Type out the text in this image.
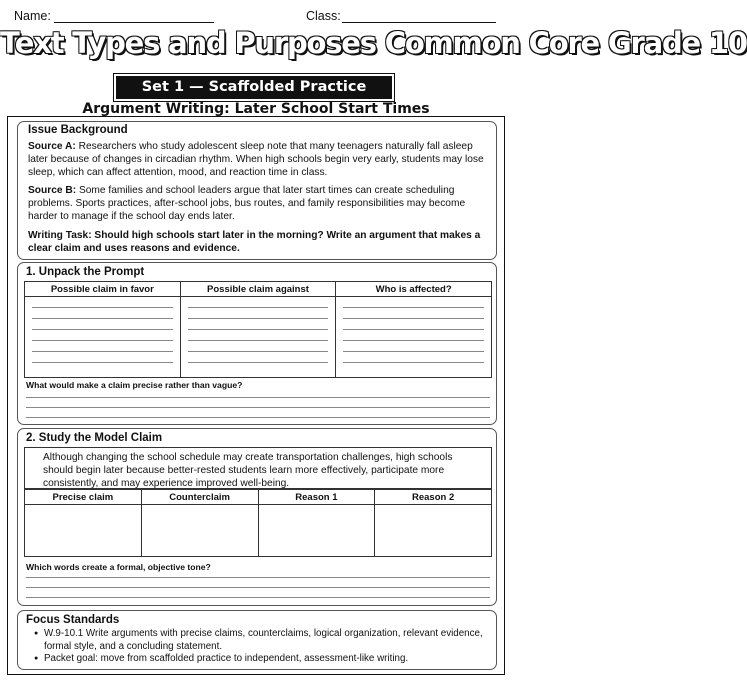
Name:	Class:
Text Types and Purposes Common Core Grade 10
Set 1 — Scaffolded Practice
Argument Writing: Later School Start Times
Issue Background
Source A: Researchers who study adolescent sleep note that many teenagers naturally fall asleep later because of changes in circadian rhythm. When high schools begin very early, students may lose sleep, which can affect attention, mood, and reaction time in class.
Source B: Some families and school leaders argue that later start times can create scheduling problems. Sports practices, after-school jobs, bus routes, and family responsibilities may become harder to manage if the school day ends later.
Writing Task: Should high schools start later in the morning? Write an argument that makes a clear claim and uses reasons and evidence.
1. Unpack the Prompt
Possible claim in favor	Possible claim against	Who is affected?

What would make a claim precise rather than vague?
2. Study the Model Claim
Although changing the school schedule may create transportation challenges, high schools should begin later because better-rested students learn more effectively, participate more consistently, and may experience improved well-being.
Precise claim	Counterclaim	Reason 1	Reason 2

Which words create a formal, objective tone?
Focus Standards
● W.9-10.1 Write arguments with precise claims, counterclaims, logical organization, relevant evidence, formal style, and a concluding statement.
● Packet goal: move from scaffolded practice to independent, assessment-like writing.
